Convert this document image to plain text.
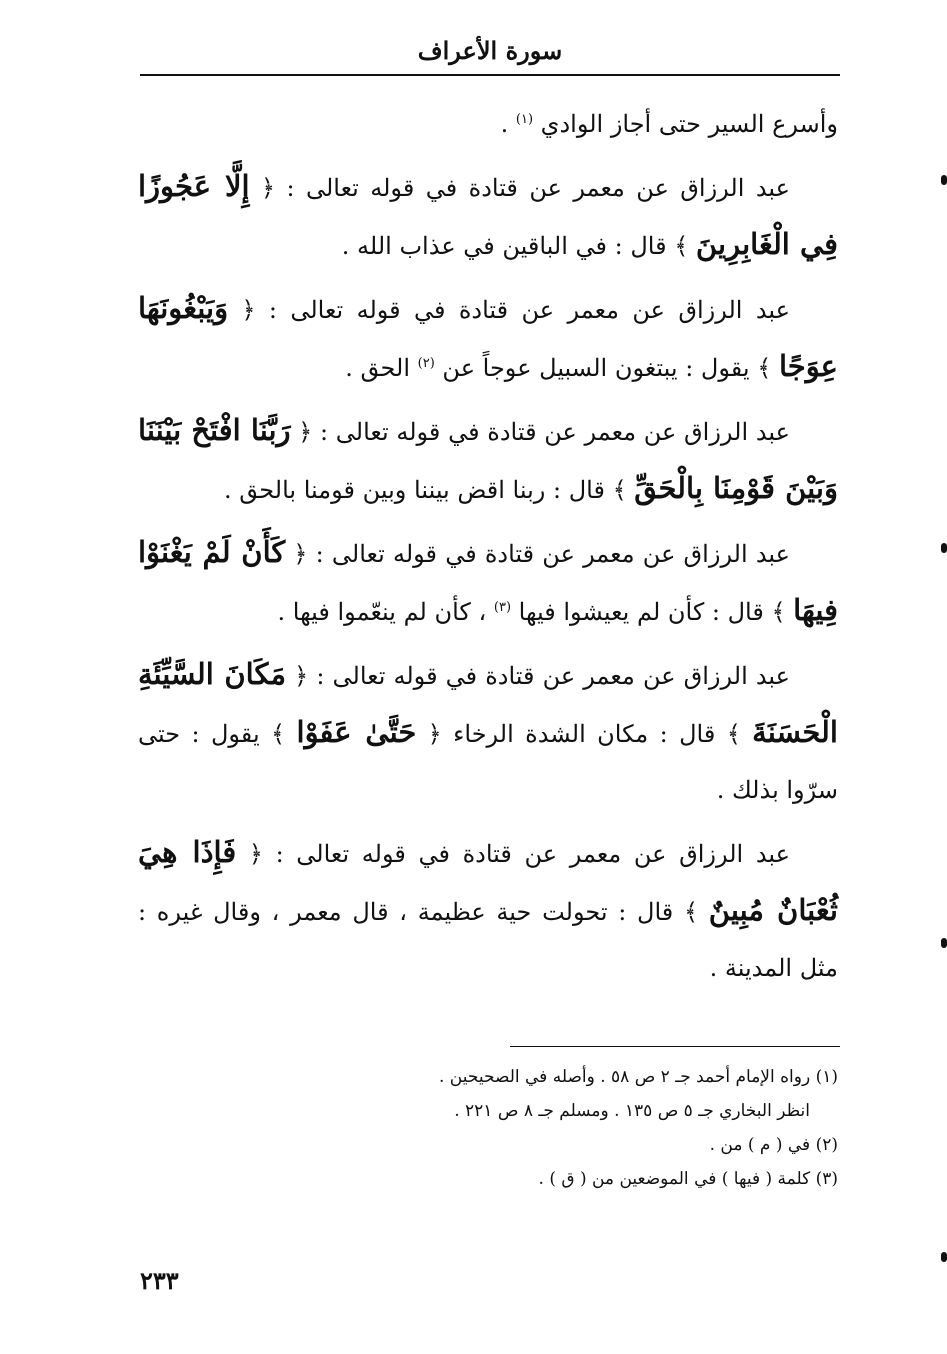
سورة الأعراف

وأسرع السير حتى أجاز الوادي $^{(١)}$ .

عبد الرزاق عن معمر عن قتادة في قوله تعالى : ﴿ إِلَّا عَجُوزًا فِي الْغَابِرِينَ ﴾ قال : في الباقين في عذاب الله .

عبد الرزاق عن معمر عن قتادة في قوله تعالى : ﴿ وَيَبْغُونَهَا عِوَجًا ﴾ يقول : يبتغون السبيل عوجاً عن $^{(٢)}$ الحق .

عبد الرزاق عن معمر عن قتادة في قوله تعالى : ﴿ رَبَّنَا افْتَحْ بَيْنَنَا وَبَيْنَ قَوْمِنَا بِالْحَقِّ ﴾ قال : ربنا اقض بيننا وبين قومنا بالحق .

عبد الرزاق عن معمر عن قتادة في قوله تعالى : ﴿ كَأَنْ لَمْ يَغْنَوْا فِيهَا ﴾ قال : كأن لم يعيشوا فيها $^{(٣)}$ ، كأن لم ينعّموا فيها .

عبد الرزاق عن معمر عن قتادة في قوله تعالى : ﴿ مَكَانَ السَّيِّئَةِ الْحَسَنَةَ ﴾ قال : مكان الشدة الرخاء ﴿ حَتَّىٰ عَفَوْا ﴾ يقول : حتى سرّوا بذلك .

عبد الرزاق عن معمر عن قتادة في قوله تعالى : ﴿ فَإِذَا هِيَ ثُعْبَانٌ مُبِينٌ ﴾ قال : تحولت حية عظيمة ، قال معمر ، وقال غيره : مثل المدينة .

(١) رواه الإمام أحمد جـ ٢ ص ٥٨ . وأصله في الصحيحين .

انظر البخاري جـ ٥ ص ١٣٥ . ومسلم جـ ٨ ص ٢٢١ .

(٢) في ( م ) من .

(٣) كلمة ( فيها ) في الموضعين من ( ق ) .

٢٣٣
